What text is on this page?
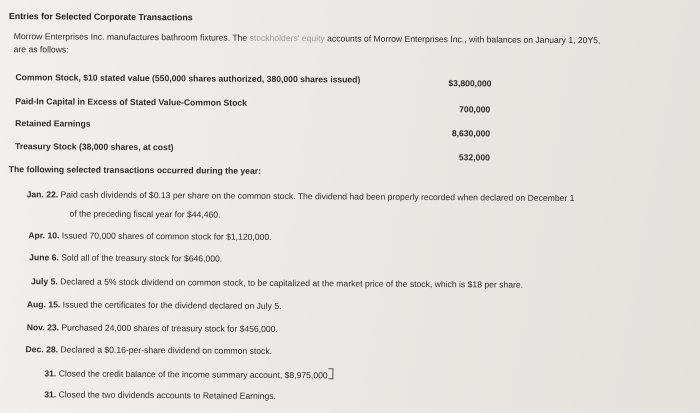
Entries for Selected Corporate Transactions
Morrow Enterprises Inc. manufactures bathroom fixtures. The stockholders' equity accounts of Morrow Enterprises Inc., with balances on January 1, 20Y5,
are as follows:
Common Stock, $10 stated value (550,000 shares authorized, 380,000 shares issued)	$3,800,000
Paid-In Capital in Excess of Stated Value-Common Stock
700,000
Retained Earnings
8,630,000
Treasury Stock (38,000 shares, at cost)
532,000
The following selected transactions occurred during the year:
Jan. 22. Paid cash dividends of $0.13 per share on the common stock. The dividend had been properly recorded when declared on December 1
of the preceding fiscal year for $44,460.
Apr. 10. Issued 70,000 shares of common stock for $1,120,000.
June 6. Sold all of the treasury stock for $646,000.
July 5. Declared a 5% stock dividend on common stock, to be capitalized at the market price of the stock, which is $18 per share.
Aug. 15. Issued the certificates for the dividend declared on July 5.
Nov. 23. Purchased 24,000 shares of treasury stock for $456,000.
Dec. 28. Declared a $0.16-per-share dividend on common stock.
31. Closed the credit balance of the income summary account, $8,975,000
31. Closed the two dividends accounts to Retained Earnings.
